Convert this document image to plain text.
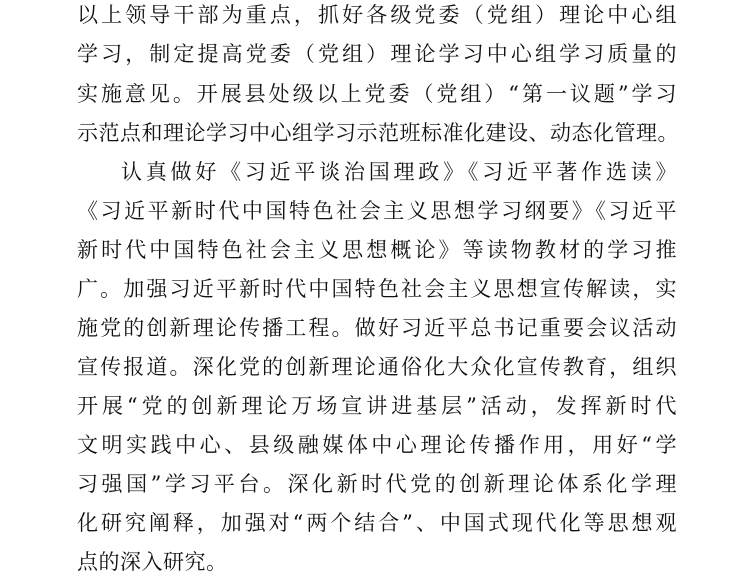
以上领导干部为重点，抓好各级党委（党组）理论中心组
学习，制定提高党委（党组）理论学习中心组学习质量的
实施意见。开展县处级以上党委（党组）“第一议题”学习
示范点和理论学习中心组学习示范班标准化建设、动态化管理。
认真做好《习近平谈治国理政》《习近平著作选读》
《习近平新时代中国特色社会主义思想学习纲要》《习近平
新时代中国特色社会主义思想概论》等读物教材的学习推
广。加强习近平新时代中国特色社会主义思想宣传解读，实
施党的创新理论传播工程。做好习近平总书记重要会议活动
宣传报道。深化党的创新理论通俗化大众化宣传教育，组织
开展“党的创新理论万场宣讲进基层”活动，发挥新时代
文明实践中心、县级融媒体中心理论传播作用，用好“学
习强国”学习平台。深化新时代党的创新理论体系化学理
化研究阐释，加强对“两个结合”、中国式现代化等思想观
点的深入研究。
